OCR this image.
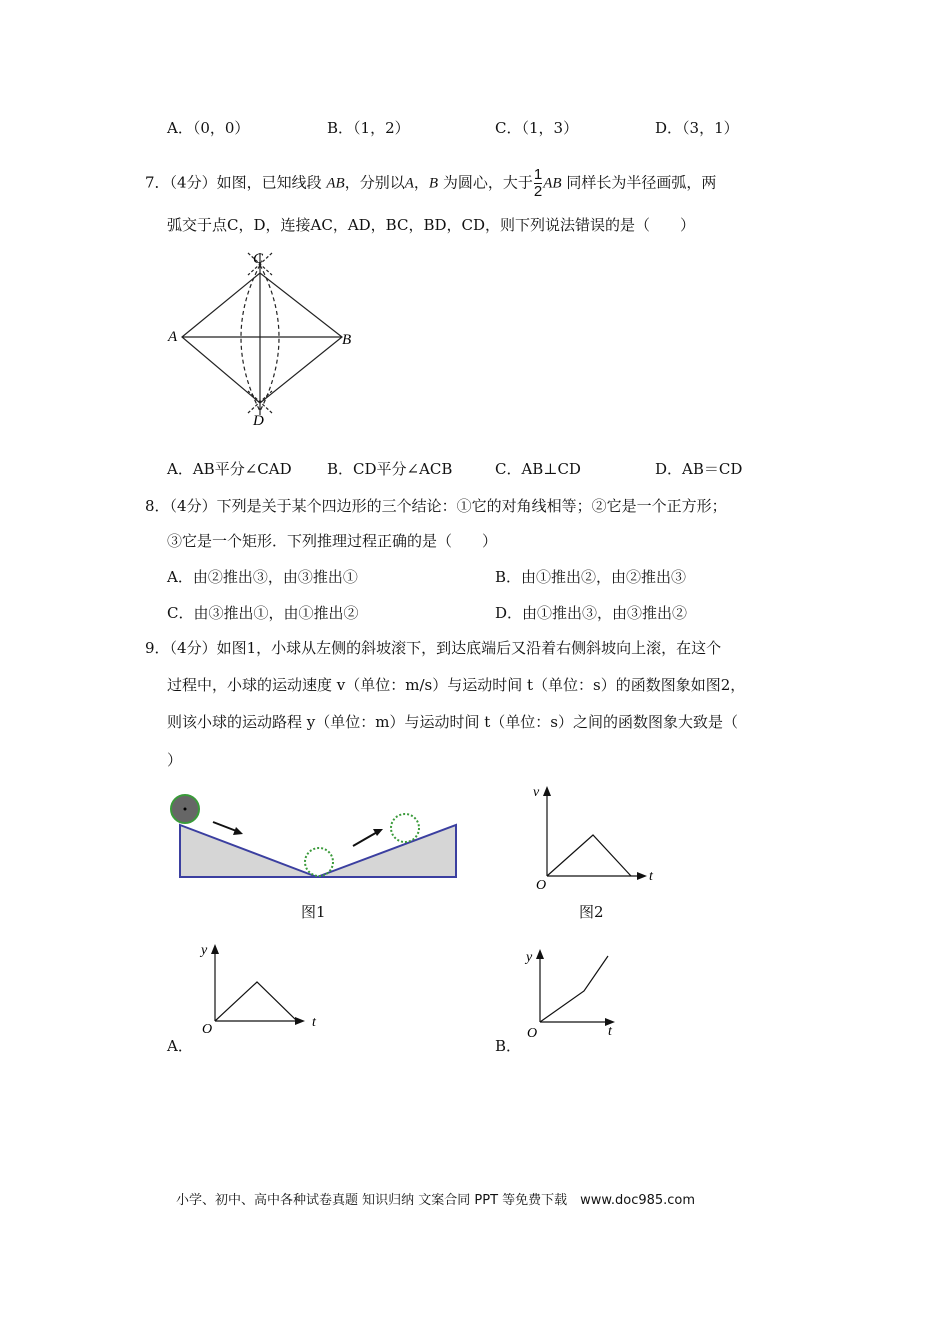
A．（0，0）	B．（1，2）	C．（1，3）	D．（3，1）
7．（4分）如图，已知线段 AB，分别以A，B 为圆心，大于 $\frac{1}{2}$ AB 同样长为半径画弧，两
弧交于点C，D，连接AC，AD，BC，BD，CD，则下列说法错误的是（　　）
A	B
C
D
A．AB平分∠CAD B．CD平分∠ACB	C．AB⊥CD	D．AB＝CD
8．（4分）下列是关于某个四边形的三个结论：①它的对角线相等；②它是一个正方形；
③它是一个矩形．下列推理过程正确的是（　　）
A．由②推出③，由③推出①	B．由①推出②，由②推出③
C．由③推出①，由①推出②	D．由①推出③，由③推出②
9．（4分）如图1，小球从左侧的斜坡滚下，到达底端后又沿着右侧斜坡向上滚，在这个
过程中，小球的运动速度 v（单位：m/s）与运动时间 t（单位：s）的函数图象如图2，
则该小球的运动路程 y（单位：m）与运动时间 t（单位：s）之间的函数图象大致是（
）
图1
v
t
O
图2
y
t
O
A．
y
t
O
B．
小学、初中、高中各种试卷真题 知识归纳 文案合同 PPT 等免费下载　www.doc985.com
